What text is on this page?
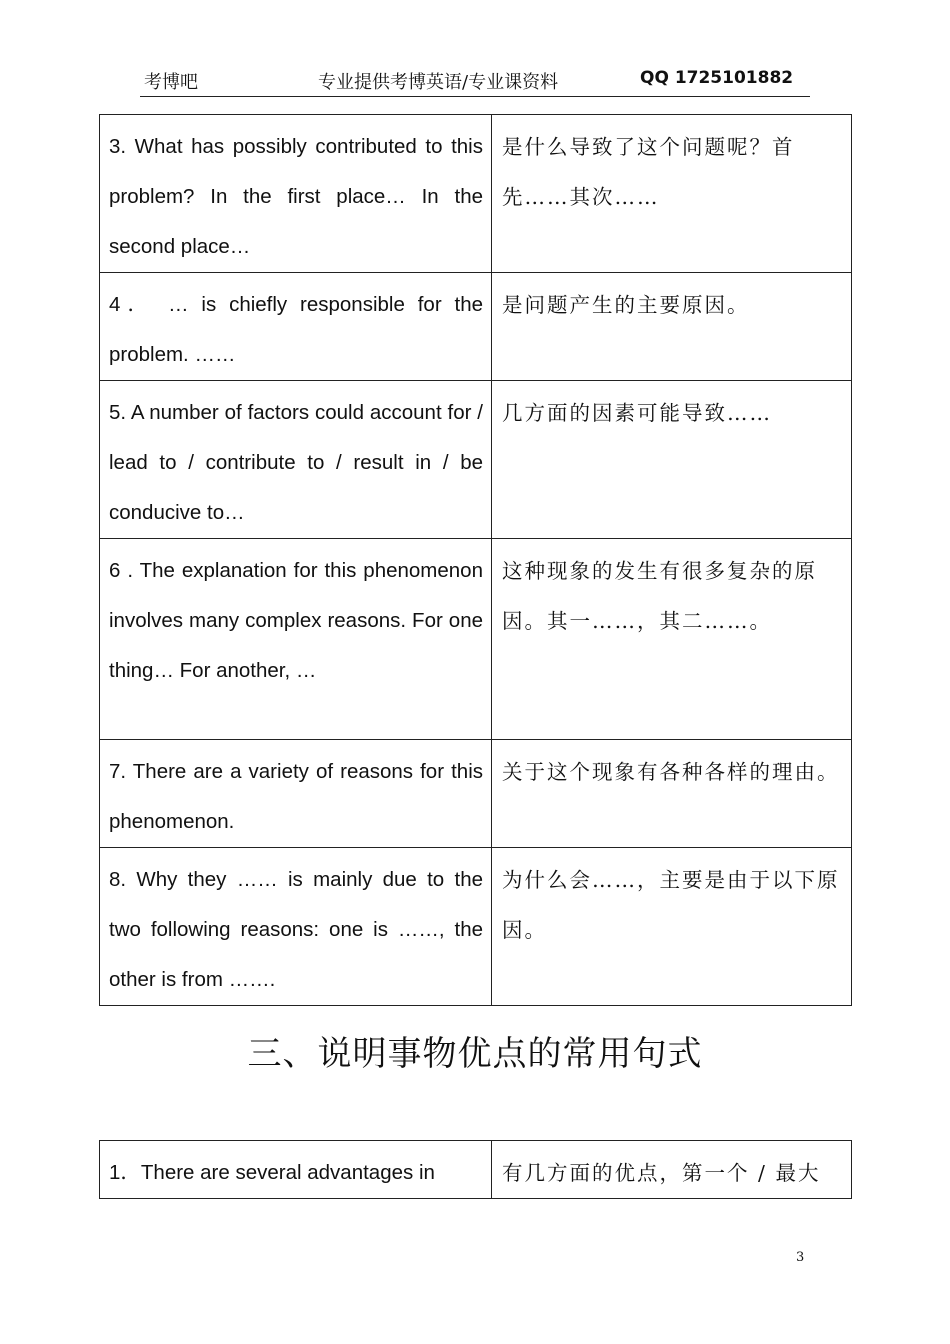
考博吧	专业提供考博英语/专业课资料	QQ 1725101882
3. What has possibly contributed to this problem? In the first place… In the second place…	是什么导致了这个问题呢？首先……其次……
4． … is chiefly responsible for the problem. ……	是问题产生的主要原因。
5. A number of factors could account for / lead to / contribute to / result in / be conducive to…	几方面的因素可能导致……
6 . The explanation for this phenomenon involves many complex reasons. For one thing… For another, …	这种现象的发生有很多复杂的原因。其一……，其二……。
7. There are a variety of reasons for this phenomenon.	关于这个现象有各种各样的理由。
8. Why they …… is mainly due to the two following reasons: one is ……, the other is from …….	为什么会……，主要是由于以下原因。
三、说明事物优点的常用句式
1．There are several advantages in	有几方面的优点，第一个 / 最大
3
